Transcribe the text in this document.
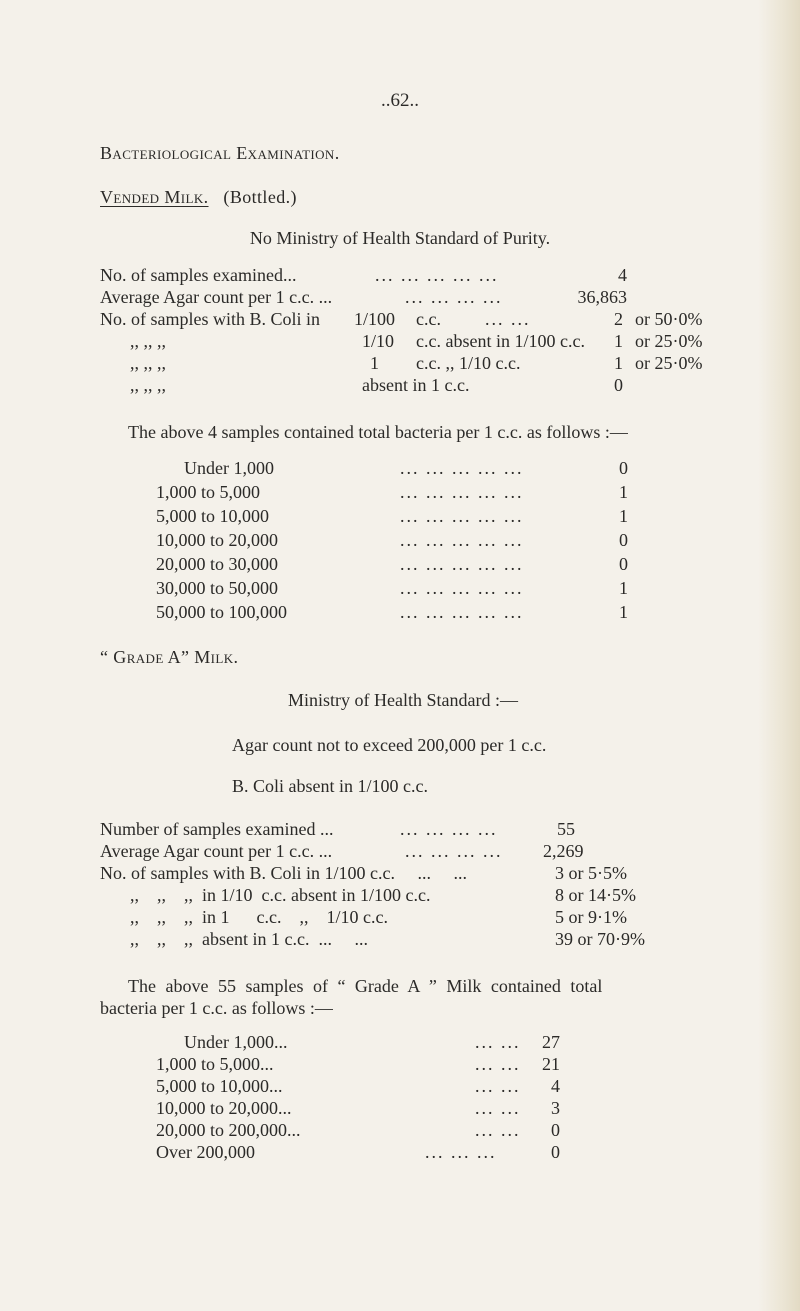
..62..
Bacteriological Examination.
Vended Milk. (Bottled.)
No Ministry of Health Standard of Purity.
No. of samples examined...	... ... ... ... ...	4
Average Agar count per 1 c.c. ...	... ... ... ...	36,863
No. of samples with B. Coli in 1/100 c.c. ... ...	2 or 50·0%
,, ,, ,,	1/10 c.c. absent in 1/100 c.c. 1 or 25·0%
,, ,, ,,	1 c.c. ,, 1/10 c.c.	1 or 25·0%
,, ,, ,,	absent in 1 c.c.	0
The above 4 samples contained total bacteria per 1 c.c. as follows :—
Under 1,000	... ... ... ... ...	0
1,000 to 5,000	... ... ... ... ...	1
5,000 to 10,000	... ... ... ... ...	1
10,000 to 20,000	... ... ... ... ...	0
20,000 to 30,000	... ... ... ... ...	0
30,000 to 50,000	... ... ... ... ...	1
50,000 to 100,000	... ... ... ... ...	1
“ Grade A” Milk.
Ministry of Health Standard :—
Agar count not to exceed 200,000 per 1 c.c.
B. Coli absent in 1/100 c.c.
Number of samples examined ...	... ... ... ...	55
Average Agar count per 1 c.c. ...	... ... ... ... 2,269
No. of samples with B. Coli in 1/100 c.c.     ...     ...	3 or 5·5%
,,    ,,    ,,  in 1/10  c.c. absent in 1/100 c.c.	8 or 14·5%
,,    ,,    ,,  in 1      c.c.    ,,    1/10 c.c.	5 or 9·1%
,,    ,,    ,,  absent in 1 c.c.  ...     ...	39 or 70·9%
The above 55 samples of “ Grade A ” Milk contained total
bacteria per 1 c.c. as follows :—
Under 1,000...	... ... 27
1,000 to 5,000...	... ... 21
5,000 to 10,000...	... ... 4
10,000 to 20,000...	... ... 3
20,000 to 200,000...	... ... 0
Over 200,000	... ... ...	0
